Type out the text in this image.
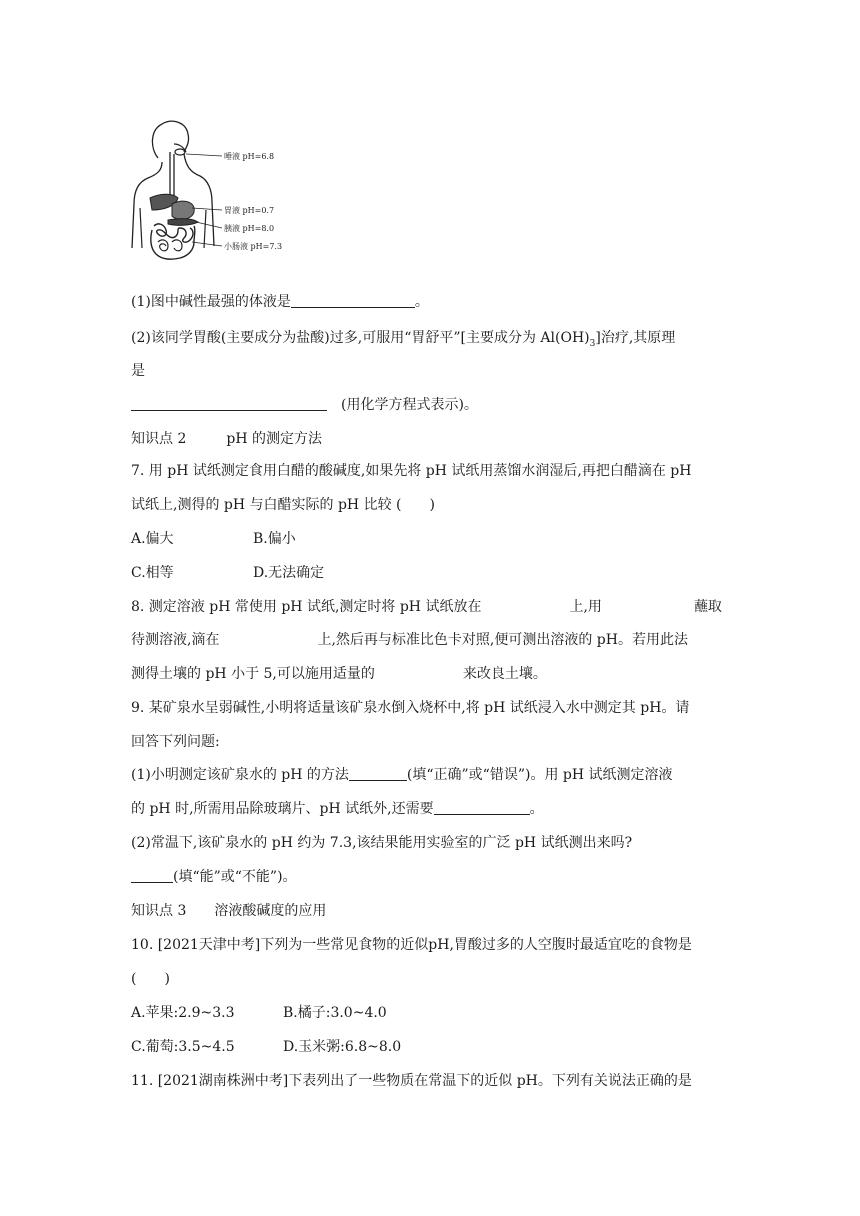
唾液 pH=6.8
胃液 pH=0.7
胰液 pH=8.0
小肠液 pH=7.3
(1)图中碱性最强的体液是	。
(2)该同学胃酸(主要成分为盐酸)过多,可服用“胃舒平”[主要成分为 $Al(OH)_3$]治疗,其原理
是
(用化学方程式表示)。
知识点 2	pH 的测定方法
7. 用 pH 试纸测定食用白醋的酸碱度,如果先将 pH 试纸用蒸馏水润湿后,再把白醋滴在 pH
试纸上,测得的 pH 与白醋实际的 pH 比较 (　　)
A.偏大	B.偏小
C.相等	D.无法确定
8. 测定溶液 pH 常使用 pH 试纸,测定时将 pH 试纸放在	上,用	蘸取
待测溶液,滴在	上,然后再与标准比色卡对照,便可测出溶液的 pH。若用此法
测得土壤的 pH 小于 5,可以施用适量的	来改良土壤。
9. 某矿泉水呈弱碱性,小明将适量该矿泉水倒入烧杯中,将 pH 试纸浸入水中测定其 pH。请
回答下列问题:
(1)小明测定该矿泉水的 pH 的方法	(填“正确”或“错误”)。用 pH 试纸测定溶液
的 pH 时,所需用品除玻璃片、pH 试纸外,还需要	。
(2)常温下,该矿泉水的 pH 约为 7.3,该结果能用实验室的广泛 pH 试纸测出来吗?
(填“能”或“不能”)。
知识点 3 溶液酸碱度的应用
10. [2021天津中考]下列为一些常见食物的近似pH,胃酸过多的人空腹时最适宜吃的食物是
(　　)
A.苹果:2.9~3.3	B.橘子:3.0~4.0
C.葡萄:3.5~4.5	D.玉米粥:6.8~8.0
11. [2021湖南株洲中考]下表列出了一些物质在常温下的近似 pH。下列有关说法正确的是
